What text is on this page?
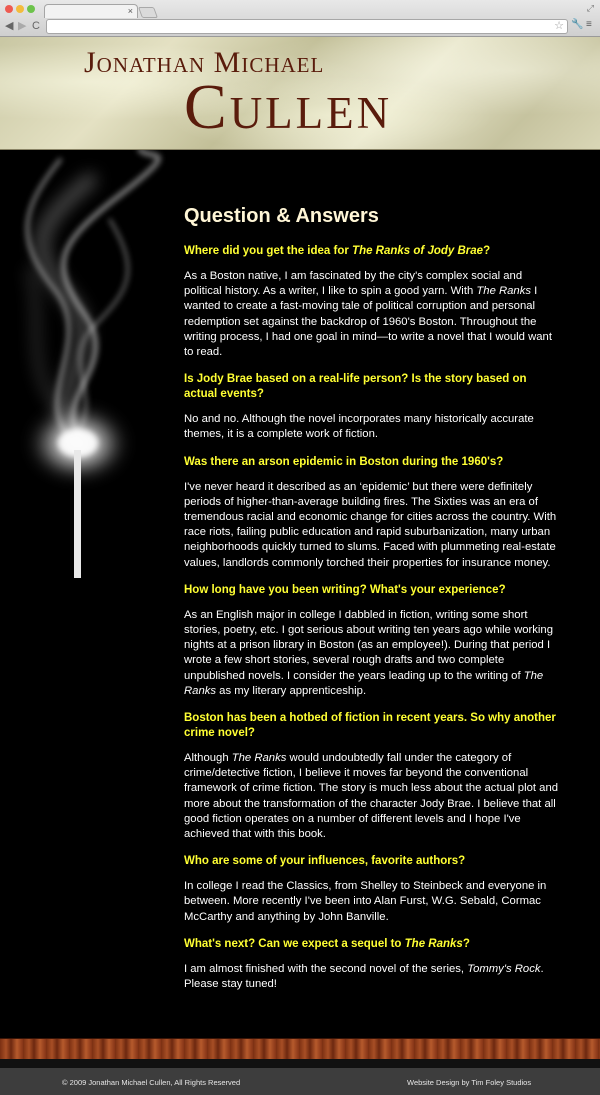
×	⤢
◀ ▶ C	☆ 🔧 ≡
Jonathan Michael
Cullen
Question & Answers

Where did you get the idea for The Ranks of Jody Brae?

As a Boston native, I am fascinated by the city's complex social and political history. As a writer, I like to spin a good yarn. With The Ranks I wanted to create a fast-moving tale of political corruption and personal redemption set against the backdrop of 1960's Boston. Throughout the writing process, I had one goal in mind—to write a novel that I would want to read.

Is Jody Brae based on a real-life person? Is the story based on actual events?

No and no. Although the novel incorporates many historically accurate themes, it is a complete work of fiction.

Was there an arson epidemic in Boston during the 1960's?

I've never heard it described as an ‘epidemic’ but there were definitely periods of higher-than-average building fires. The Sixties was an era of tremendous racial and economic change for cities across the country. With race riots, failing public education and rapid suburbanization, many urban neighborhoods quickly turned to slums. Faced with plummeting real-estate values, landlords commonly torched their properties for insurance money.

How long have you been writing? What's your experience?

As an English major in college I dabbled in fiction, writing some short stories, poetry, etc. I got serious about writing ten years ago while working nights at a prison library in Boston (as an employee!). During that period I wrote a few short stories, several rough drafts and two complete unpublished novels. I consider the years leading up to the writing of The Ranks as my literary apprenticeship.

Boston has been a hotbed of fiction in recent years. So why another crime novel?

Although The Ranks would undoubtedly fall under the category of crime/detective fiction, I believe it moves far beyond the conventional framework of crime fiction. The story is much less about the actual plot and more about the transformation of the character Jody Brae. I believe that all good fiction operates on a number of different levels and I hope I've achieved that with this book.

Who are some of your influences, favorite authors?

In college I read the Classics, from Shelley to Steinbeck and everyone in between. More recently I've been into Alan Furst, W.G. Sebald, Cormac McCarthy and anything by John Banville.

What's next? Can we expect a sequel to The Ranks?

I am almost finished with the second novel of the series, Tommy's Rock. Please stay tuned!

© 2009 Jonathan Michael Cullen, All Rights Reserved	Website Design by Tim Foley Studios
